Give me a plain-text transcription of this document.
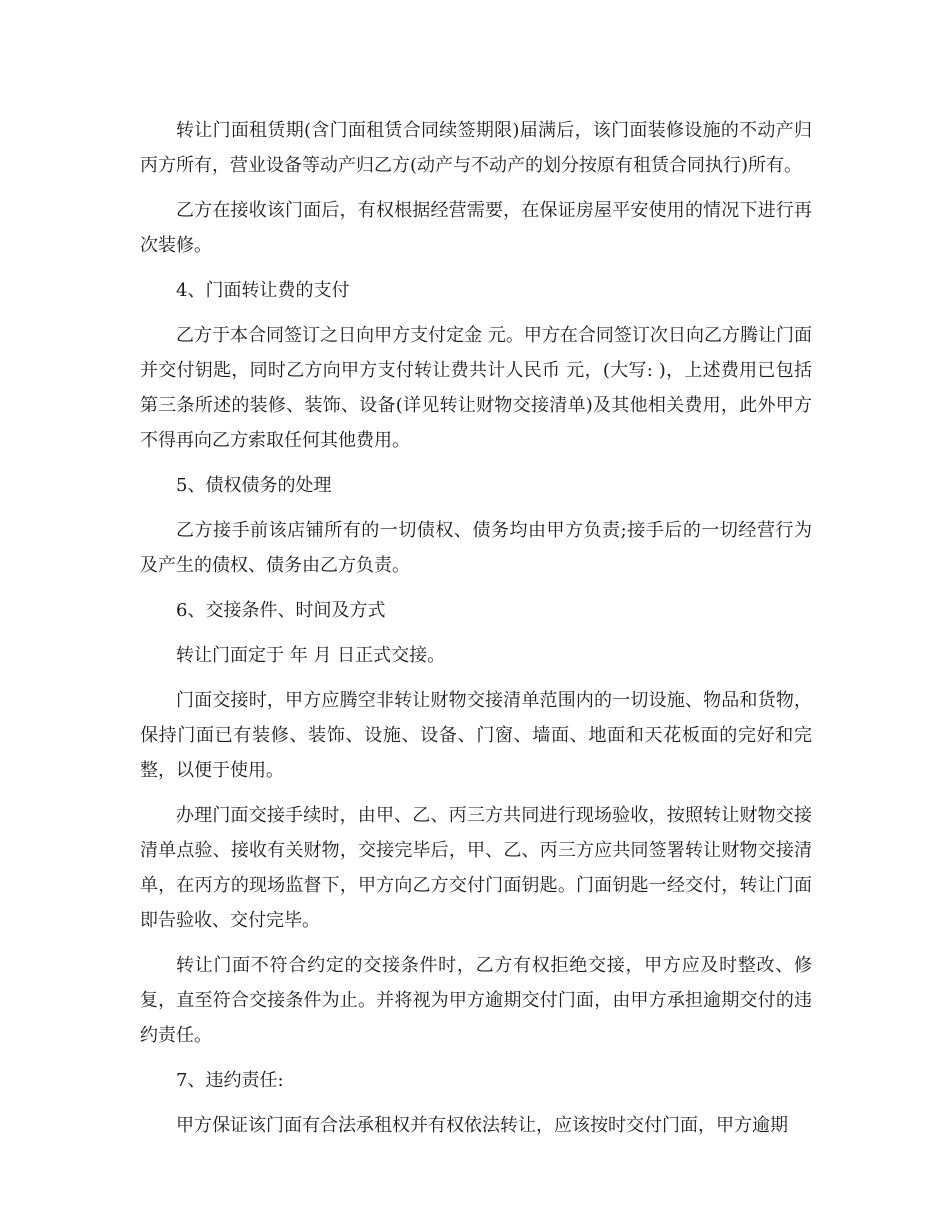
转让门面租赁期(含门面租赁合同续签期限)届满后，该门面装修设施的不动产归丙方所有，营业设备等动产归乙方(动产与不动产的划分按原有租赁合同执行)所有。

乙方在接收该门面后，有权根据经营需要，在保证房屋平安使用的情况下进行再次装修。

4、门面转让费的支付

乙方于本合同签订之日向甲方支付定金 元。甲方在合同签订次日向乙方腾让门面并交付钥匙，同时乙方向甲方支付转让费共计人民币 元，(大写: )，上述费用已包括第三条所述的装修、装饰、设备(详见转让财物交接清单)及其他相关费用，此外甲方不得再向乙方索取任何其他费用。

5、债权债务的处理

乙方接手前该店铺所有的一切债权、债务均由甲方负责;接手后的一切经营行为及产生的债权、债务由乙方负责。

6、交接条件、时间及方式

转让门面定于 年 月 日正式交接。

门面交接时，甲方应腾空非转让财物交接清单范围内的一切设施、物品和货物，保持门面已有装修、装饰、设施、设备、门窗、墙面、地面和天花板面的完好和完整，以便于使用。

办理门面交接手续时，由甲、乙、丙三方共同进行现场验收，按照转让财物交接清单点验、接收有关财物，交接完毕后，甲、乙、丙三方应共同签署转让财物交接清单，在丙方的现场监督下，甲方向乙方交付门面钥匙。门面钥匙一经交付，转让门面即告验收、交付完毕。

转让门面不符合约定的交接条件时，乙方有权拒绝交接，甲方应及时整改、修复，直至符合交接条件为止。并将视为甲方逾期交付门面，由甲方承担逾期交付的违约责任。

7、违约责任:

甲方保证该门面有合法承租权并有权依法转让，应该按时交付门面，甲方逾期
